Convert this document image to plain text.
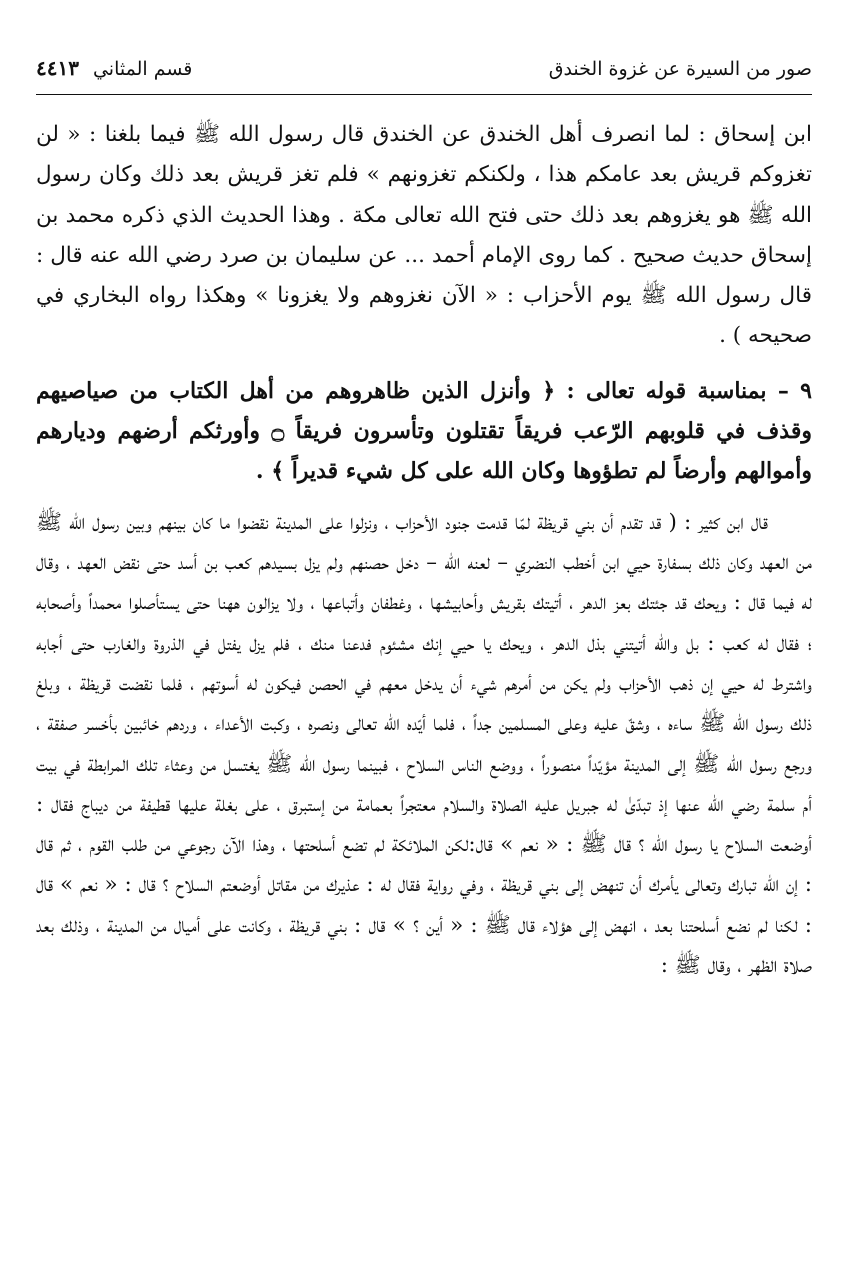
صور من السيرة عن غزوة الخندق
قسم المثاني
٤٤١٣

ابن إسحاق : لما انصرف أهل الخندق عن الخندق قال رسول الله ﷺ فيما بلغنا : « لن تغزوكم قريش بعد عامكم هذا ، ولكنكم تغزونهم » فلم تغز قريش بعد ذلك وكان رسول الله ﷺ هو يغزوهم بعد ذلك حتى فتح الله تعالى مكة . وهذا الحديث الذي ذكره محمد بن إسحاق حديث صحيح . كما روى الإمام أحمد ... عن سليمان بن صرد رضي الله عنه قال : قال رسول الله ﷺ يوم الأحزاب : « الآن نغزوهم ولا يغزونا » وهكذا رواه البخاري في صحيحه ) .

٩ – بمناسبة قوله تعالى : ﴿ وأنزل الذين ظاهروهم من أهل الكتاب من صياصيهم وقذف في قلوبهم الرّعب فريقاً تقتلون وتأسرون فريقاً ۝ وأورثكم أرضهم وديارهم وأموالهم وأرضاً لم تطؤوها وكان الله على كل شيء قديراً ﴾ .

قال ابن كثير : ( قد تقدم أن بني قريظة لمّا قدمت جنود الأحزاب ، ونزلوا على المدينة نقضوا ما كان بينهم وبين رسول الله ﷺ من العهد وكان ذلك بسفارة حيي ابن أخطب النضري – لعنه الله – دخل حصنهم ولم يزل بسيدهم كعب بن أسد حتى نقض العهد ، وقال له فيما قال : ويحك قد جئتك بعز الدهر ، أتيتك بقريش وأحابيشها ، وغطفان وأتباعها ، ولا يزالون ههنا حتى يستأصلوا محمداً وأصحابه ؛ فقال له كعب : بل والله أتيتني بذل الدهر ، ويحك يا حيي إنك مشئوم فدعنا منك ، فلم يزل يفتل في الذروة والغارب حتى أجابه واشترط له حيي إن ذهب الأحزاب ولم يكن من أمرهم شيء أن يدخل معهم في الحصن فيكون له أسوتهم ، فلما نقضت قريظة ، وبلغ ذلك رسول الله ﷺ ساءه ، وشقّ عليه وعلى المسلمين جداً ، فلما أيّده الله تعالى ونصره ، وكبت الأعداء ، وردهم خائبين بأخسر صفقة ، ورجع رسول الله ﷺ إلى المدينة مؤيّداً منصوراً ، ووضع الناس السلاح ، فبينما رسول الله ﷺ يغتسل من وعثاء تلك المرابطة في بيت أم سلمة رضي الله عنها إذ تبدّىٰ له جبريل عليه الصلاة والسلام معتجراً بعمامة من إستبرق ، على بغلة عليها قطيفة من ديباج فقال : أوضعت السلاح يا رسول الله ؟ قال ﷺ : « نعم » قال:لكن الملائكة لم تضع أسلحتها ، وهذا الآن رجوعي من طلب القوم ، ثم قال : إن الله تبارك وتعالى يأمرك أن تنهض إلى بني قريظة ، وفي رواية فقال له : عذيرك من مقاتل أوضعتم السلاح ؟ قال : « نعم » قال : لكنا لم نضع أسلحتنا بعد ، انهض إلى هؤلاء قال ﷺ : « أين ؟ » قال : بني قريظة ، وكانت على أميال من المدينة ، وذلك بعد صلاة الظهر ، وقال ﷺ :
